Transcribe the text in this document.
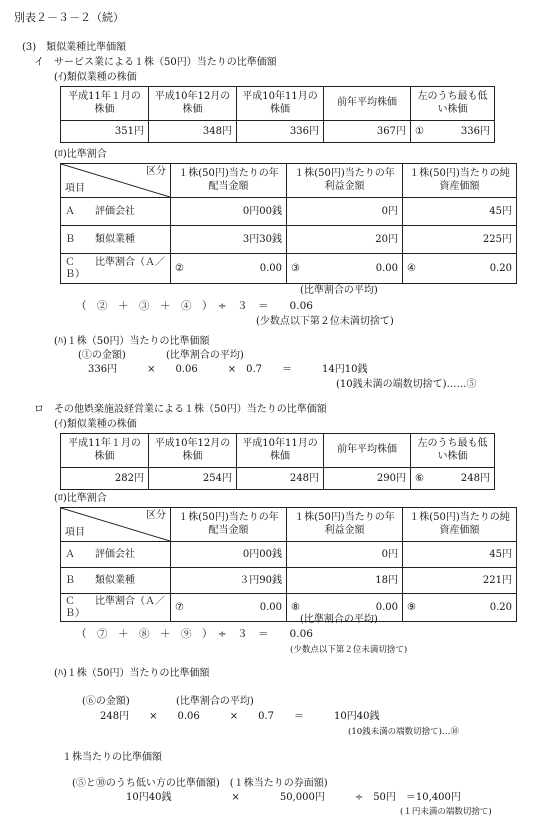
別表２－３－２（続）
(3)　類似業種比準価額
イ　サービス業による１株（50円）当たりの比準価額
(ｲ)類似業種の株価
平成11年１月の株価	平成10年12月の株価	平成10年11月の株価	前年平均株価	左のうち最も低い株価
351円	348円	336円	367円	① 336円
(ﾛ)比準割合
区分
項目	１株(50円)当たりの年配当金額	１株(50円)当たりの年利益金額	１株(50円)当たりの純資産価額
Ａ　　評価会社	0円00銭	0円	45円
Ｂ　　類似業種	3円30銭	20円	225円
Ｃ　　比準割合（Ａ／Ｂ）	② 0.00	③ 0.00	④ 0.20
(比準割合の平均)
（　②　＋　③　＋　④　）　÷　３　＝　　0.06
(少数点以下第２位未満切捨て)
(ﾊ)１株（50円）当たりの比準価額
(①の金額)	(比準割合の平均)
336円　　　×　　0.06　　　×　0.7　　＝　　　14円10銭
(10銭未満の端数切捨て)……⑤
ロ　その他娯楽施設経営業による１株（50円）当たりの比準価額
(ｲ)類似業種の株価
平成11年１月の株価	平成10年12月の株価	平成10年11月の株価	前年平均株価	左のうち最も低い株価
282円	254円	248円	290円	⑥ 248円
(ﾛ)比準割合
区分
項目	１株(50円)当たりの年配当金額	１株(50円)当たりの年利益金額	１株(50円)当たりの純資産価額
Ａ　　評価会社	0円00銭	0円	45円
Ｂ　　類似業種	３円90銭	18円	221円
Ｃ　　比準割合（Ａ／Ｂ）	⑦ 0.00	⑧ 0.00	⑨ 0.20
(比準割合の平均)
（　⑦　＋　⑧　＋　⑨　）　÷　３　＝　　0.06
(少数点以下第２位未満切捨て)
(ﾊ)１株（50円）当たりの比準価額
(⑥の金額)	(比準割合の平均)
248円　　×　　0.06　　　×　　0.7　　＝　　　10円40銭
(10銭未満の端数切捨て)…⑩
１株当たりの比準価額
(⑤と⑩のうち低い方の比準価額)　(１株当たりの券面額)
10円40銭　　　　　　×　　　　50,000円　　　÷　50円　＝10,400円
(１円未満の端数切捨て)
